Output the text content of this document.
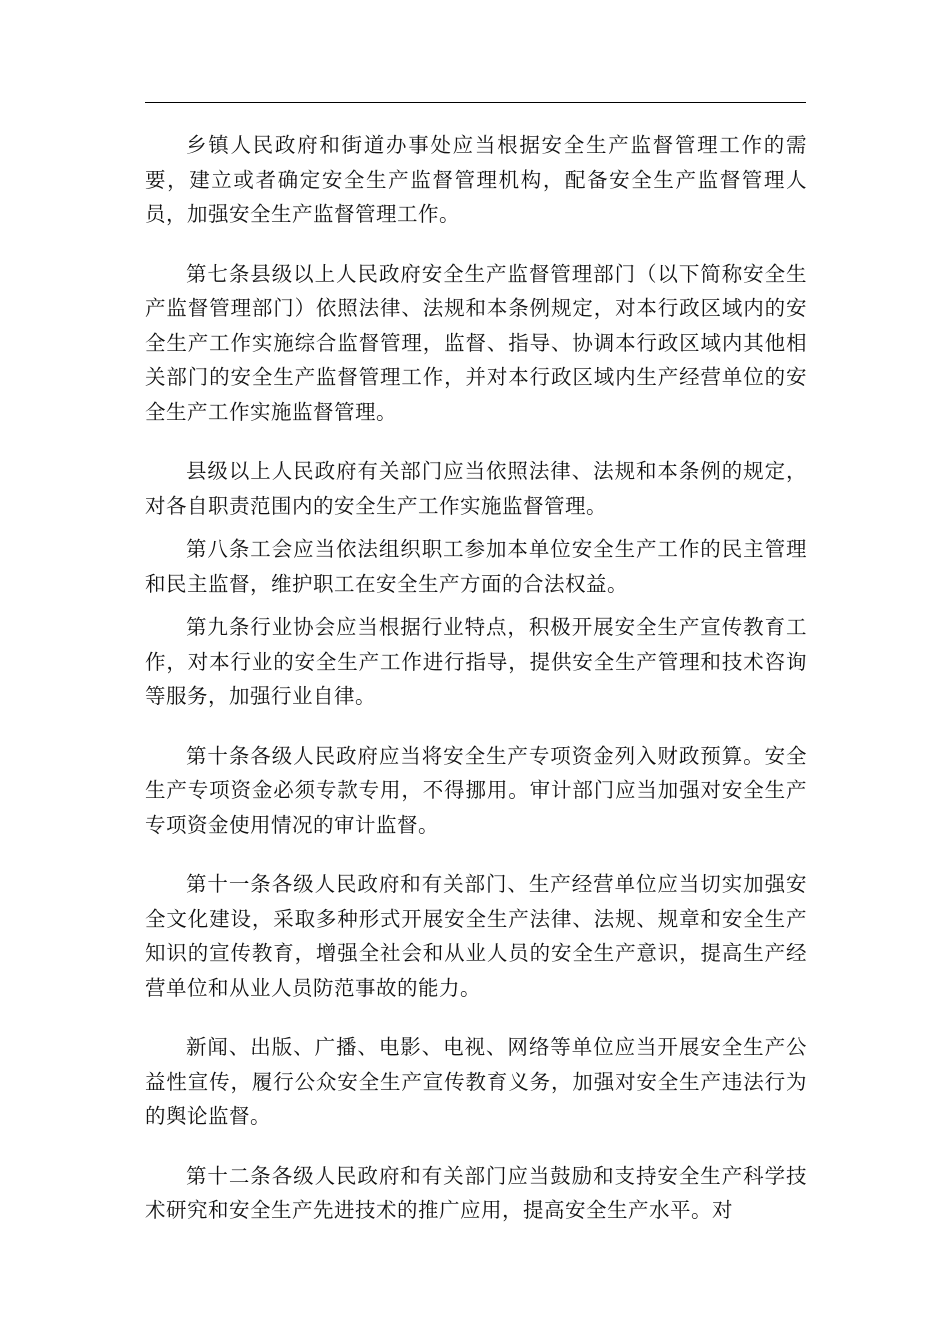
乡镇人民政府和街道办事处应当根据安全生产监督管理工作的需要，建立或者确定安全生产监督管理机构，配备安全生产监督管理人员，加强安全生产监督管理工作。

第七条县级以上人民政府安全生产监督管理部门（以下简称安全生产监督管理部门）依照法律、法规和本条例规定，对本行政区域内的安全生产工作实施综合监督管理，监督、指导、协调本行政区域内其他相关部门的安全生产监督管理工作，并对本行政区域内生产经营单位的安全生产工作实施监督管理。

县级以上人民政府有关部门应当依照法律、法规和本条例的规定，对各自职责范围内的安全生产工作实施监督管理。

第八条工会应当依法组织职工参加本单位安全生产工作的民主管理和民主监督，维护职工在安全生产方面的合法权益。

第九条行业协会应当根据行业特点，积极开展安全生产宣传教育工作，对本行业的安全生产工作进行指导，提供安全生产管理和技术咨询等服务，加强行业自律。

第十条各级人民政府应当将安全生产专项资金列入财政预算。安全生产专项资金必须专款专用，不得挪用。审计部门应当加强对安全生产专项资金使用情况的审计监督。

第十一条各级人民政府和有关部门、生产经营单位应当切实加强安全文化建设，采取多种形式开展安全生产法律、法规、规章和安全生产知识的宣传教育，增强全社会和从业人员的安全生产意识，提高生产经营单位和从业人员防范事故的能力。

新闻、出版、广播、电影、电视、网络等单位应当开展安全生产公益性宣传，履行公众安全生产宣传教育义务，加强对安全生产违法行为的舆论监督。

第十二条各级人民政府和有关部门应当鼓励和支持安全生产科学技术研究和安全生产先进技术的推广应用，提高安全生产水平。对
